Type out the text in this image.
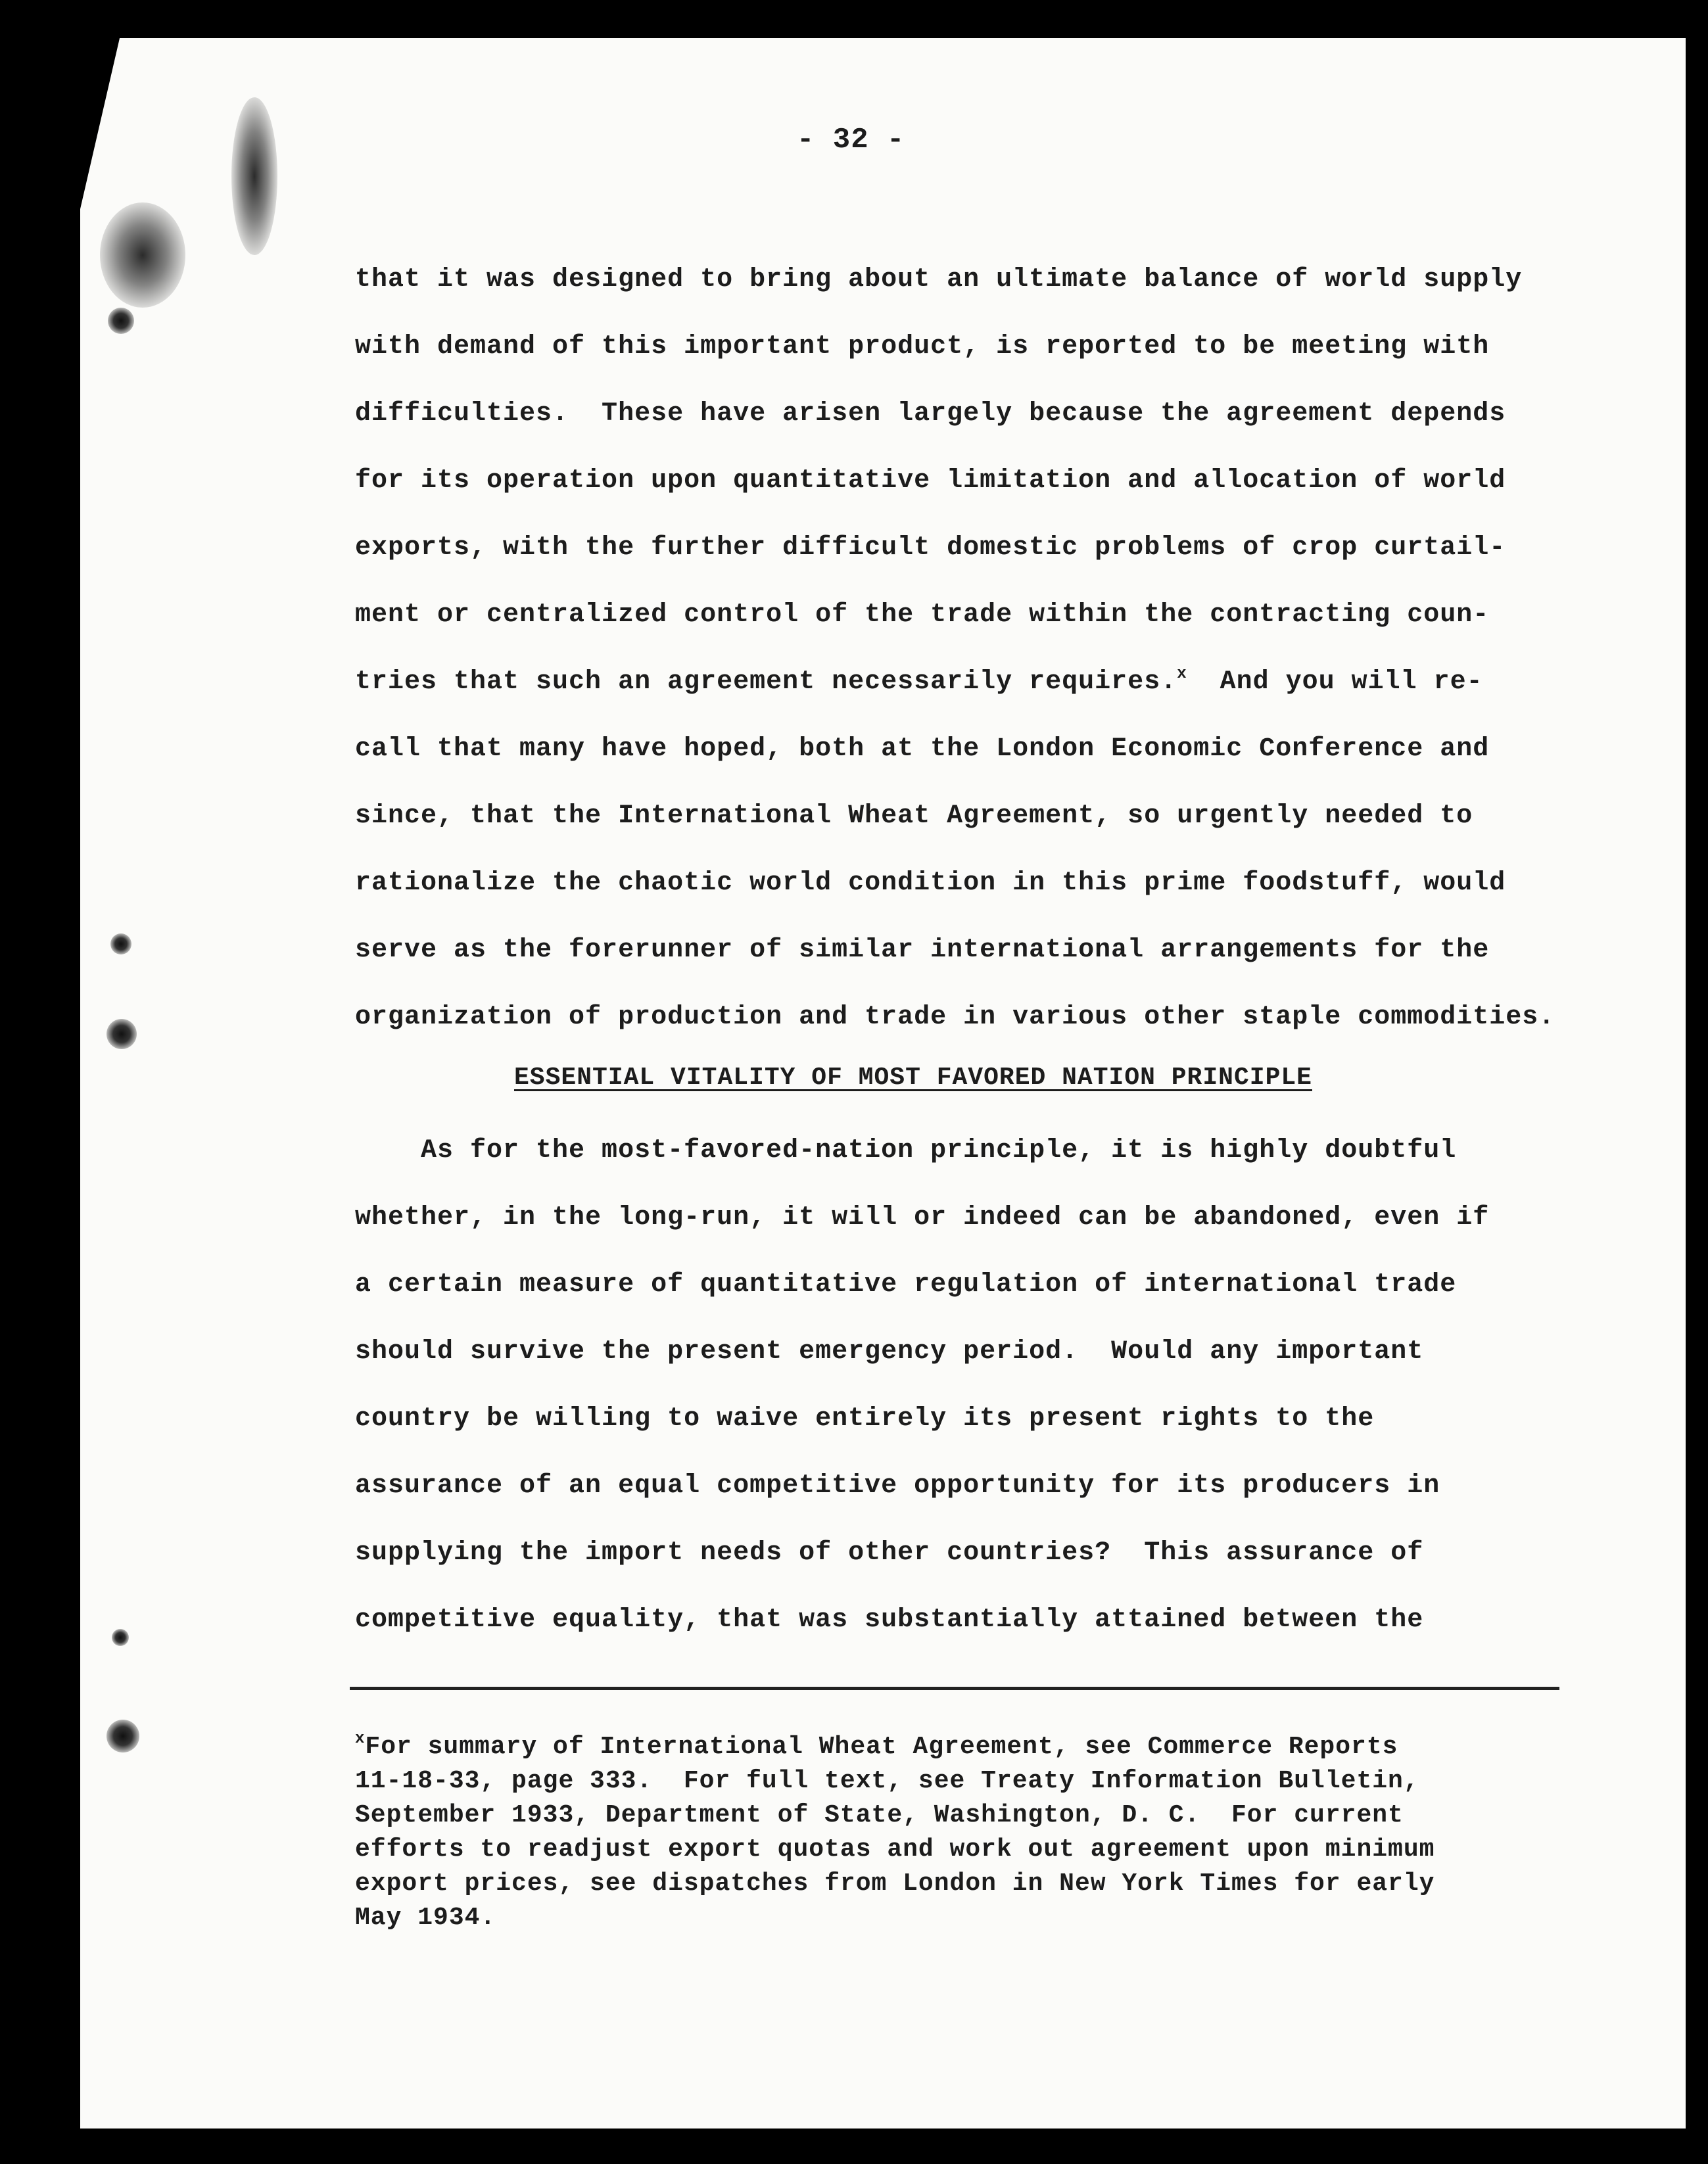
- 32 -

that it was designed to bring about an ultimate balance of world supply

with demand of this important product, is reported to be meeting with

difficulties.  These have arisen largely because the agreement depends

for its operation upon quantitative limitation and allocation of world

exports, with the further difficult domestic problems of crop curtail-

ment or centralized control of the trade within the contracting coun-

tries that such an agreement necessarily requires.$^x$  And you will re-

call that many have hoped, both at the London Economic Conference and

since, that the International Wheat Agreement, so urgently needed to

rationalize the chaotic world condition in this prime foodstuff, would

serve as the forerunner of similar international arrangements for the

organization of production and trade in various other staple commodities.

ESSENTIAL VITALITY OF MOST FAVORED NATION PRINCIPLE

As for the most-favored-nation principle, it is highly doubtful

whether, in the long-run, it will or indeed can be abandoned, even if

a certain measure of quantitative regulation of international trade

should survive the present emergency period.  Would any important

country be willing to waive entirely its present rights to the

assurance of an equal competitive opportunity for its producers in

supplying the import needs of other countries?  This assurance of

competitive equality, that was substantially attained between the

$^x$For summary of International Wheat Agreement, see Commerce Reports

11-18-33, page 333.  For full text, see Treaty Information Bulletin,

September 1933, Department of State, Washington, D. C.  For current

efforts to readjust export quotas and work out agreement upon minimum

export prices, see dispatches from London in New York Times for early

May 1934.
